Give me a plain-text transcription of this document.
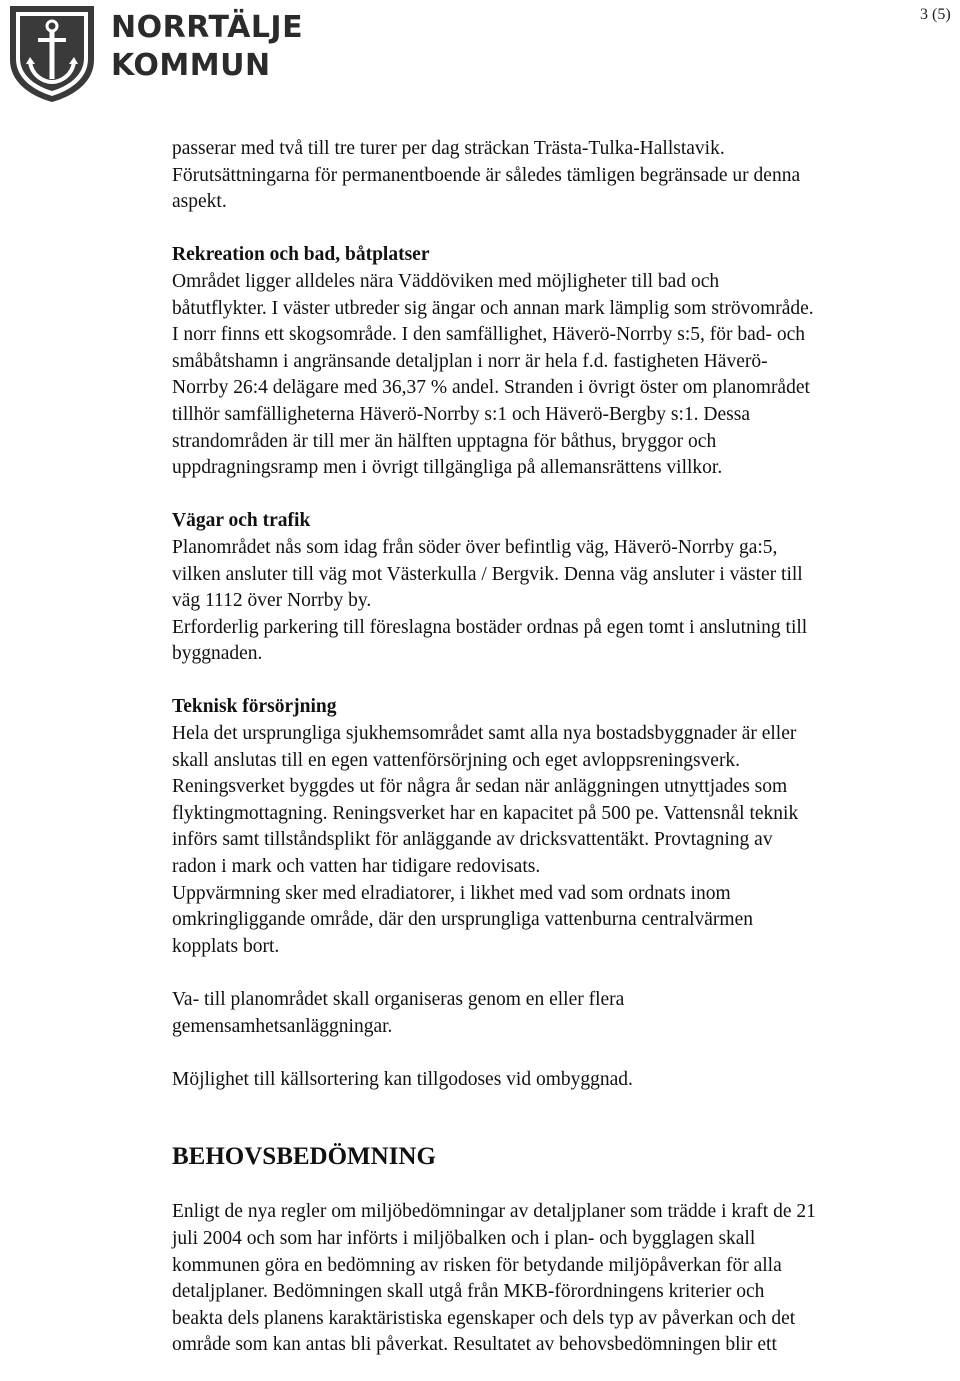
NORRTÄLJE
KOMMUN
3 (5)

passerar med två till tre turer per dag sträckan Trästa-Tulka-Hallstavik.

Förutsättningarna för permanentboende är således tämligen begränsade ur denna

aspekt.

Rekreation och bad, båtplatser

Området ligger alldeles nära Väddöviken med möjligheter till bad och

båtutflykter. I väster utbreder sig ängar och annan mark lämplig som strövområde.

I norr finns ett skogsområde. I den samfällighet, Häverö-Norrby s:5, för bad- och

småbåtshamn i angränsande detaljplan i norr är hela f.d. fastigheten Häverö-

Norrby 26:4 delägare med 36,37 % andel. Stranden i övrigt öster om planområdet

tillhör samfälligheterna Häverö-Norrby s:1 och Häverö-Bergby s:1. Dessa

strandområden är till mer än hälften upptagna för båthus, bryggor och

uppdragningsramp men i övrigt tillgängliga på allemansrättens villkor.

Vägar och trafik

Planområdet nås som idag från söder över befintlig väg, Häverö-Norrby ga:5,

vilken ansluter till väg mot Västerkulla / Bergvik. Denna väg ansluter i väster till

väg 1112 över Norrby by.

Erforderlig parkering till föreslagna bostäder ordnas på egen tomt i anslutning till

byggnaden.

Teknisk försörjning

Hela det ursprungliga sjukhemsområdet samt alla nya bostadsbyggnader är eller

skall anslutas till en egen vattenförsörjning och eget avloppsreningsverk.

Reningsverket byggdes ut för några år sedan när anläggningen utnyttjades som

flyktingmottagning. Reningsverket har en kapacitet på 500 pe. Vattensnål teknik

införs samt tillståndsplikt för anläggande av dricksvattentäkt. Provtagning av

radon i mark och vatten har tidigare redovisats.

Uppvärmning sker med elradiatorer, i likhet med vad som ordnats inom

omkringliggande område, där den ursprungliga vattenburna centralvärmen

kopplats bort.

Va- till planområdet skall organiseras genom en eller flera

gemensamhetsanläggningar.

Möjlighet till källsortering kan tillgodoses vid ombyggnad.

BEHOVSBEDÖMNING

Enligt de nya regler om miljöbedömningar av detaljplaner som trädde i kraft de 21

juli 2004 och som har införts i miljöbalken och i plan- och bygglagen skall

kommunen göra en bedömning av risken för betydande miljöpåverkan för alla

detaljplaner. Bedömningen skall utgå från MKB-förordningens kriterier och

beakta dels planens karaktäristiska egenskaper och dels typ av påverkan och det

område som kan antas bli påverkat. Resultatet av behovsbedömningen blir ett
